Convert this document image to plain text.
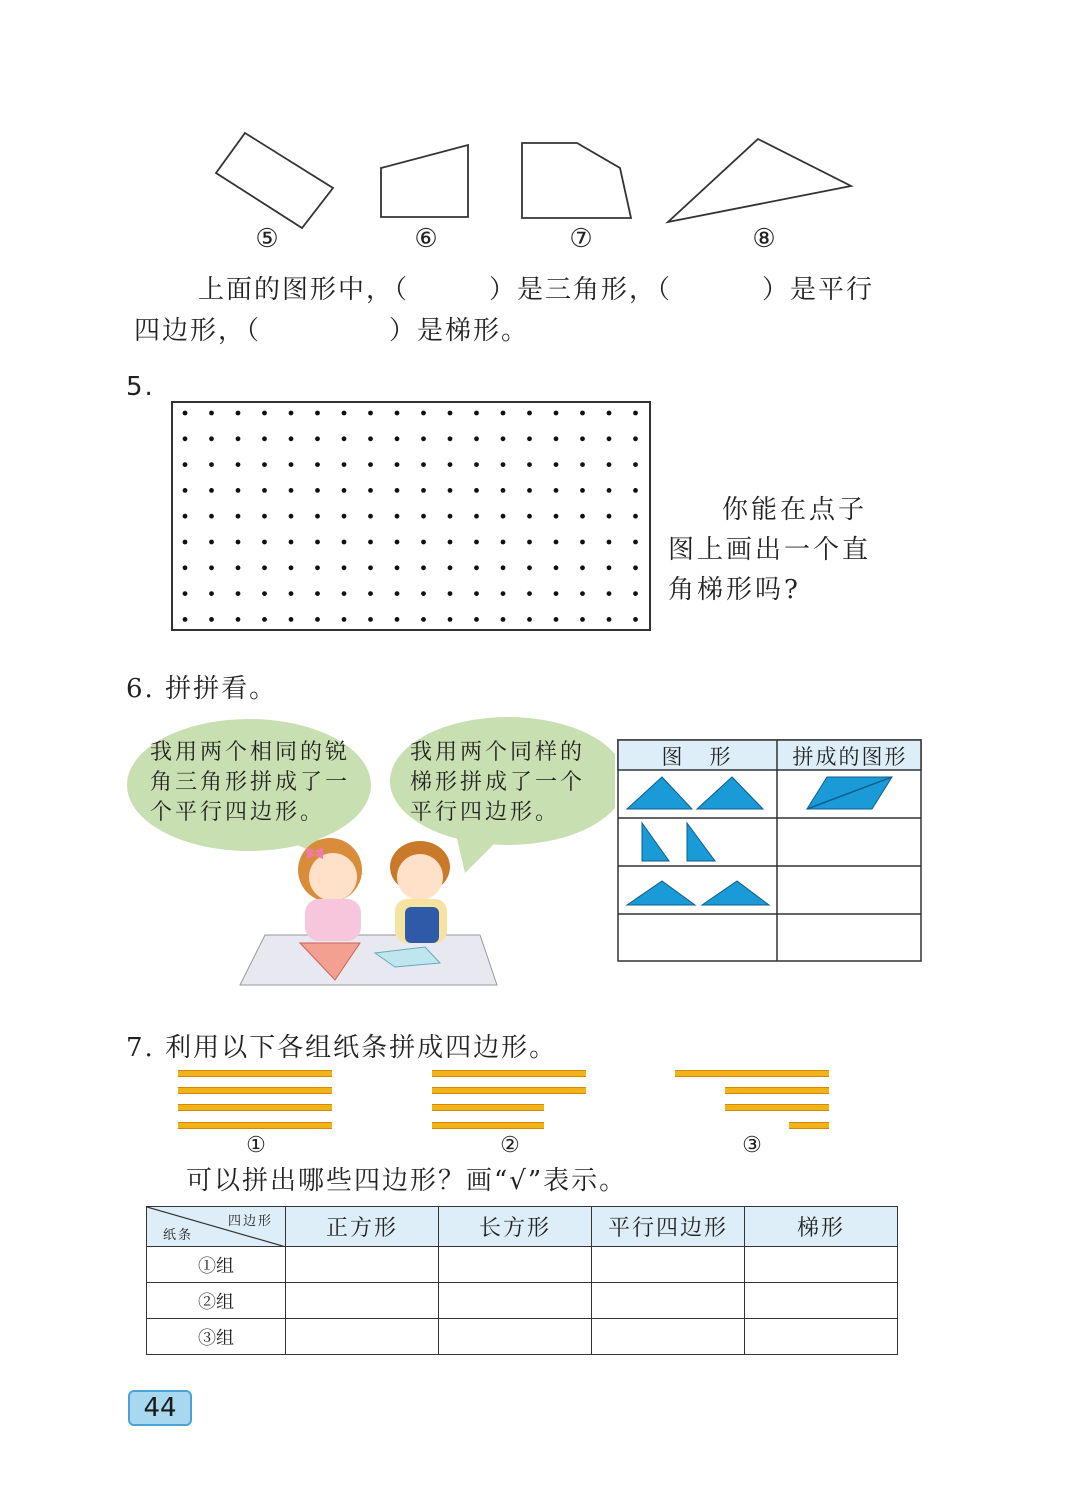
⑤	⑥	⑦	⑧
上面的图形中，（	）是三角形，（	）是平行
四边形，（	）是梯形。
5.
你能在点子图上画出一个直角梯形吗?
6. 拼拼看。
我用两个相同的锐角三角形拼成了一个平行四边形。
我用两个同样的梯形拼成了一个平行四边形。
图　形	拼成的图形
7. 利用以下各组纸条拼成四边形。
①	②	③
可以拼出哪些四边形？画“√”表示。
四边形
纸条	正方形	长方形	平行四边形	梯形
①组				
②组				
③组				
44
